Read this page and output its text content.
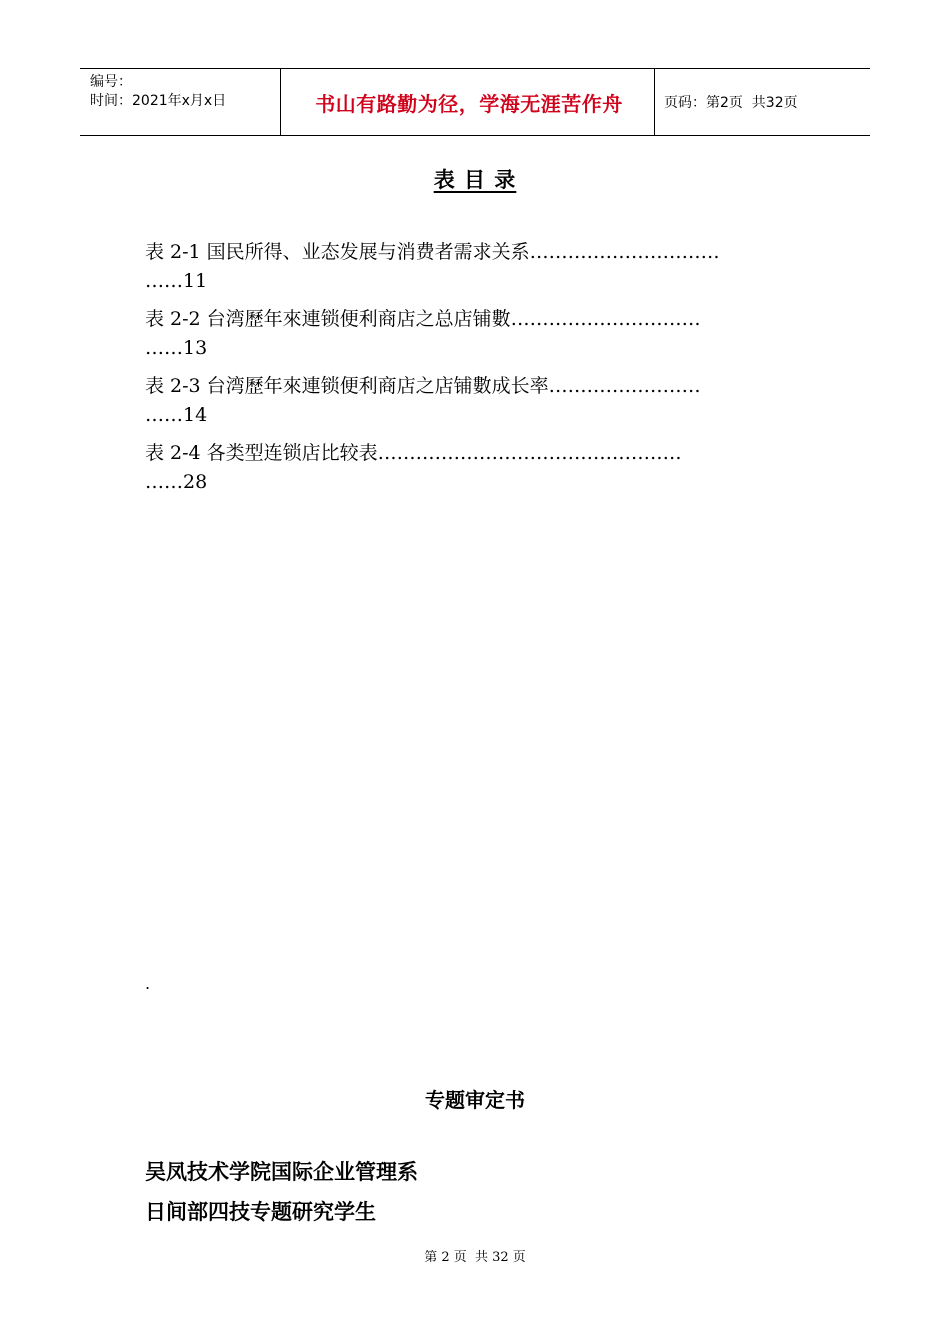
编号：
时间：2021年x月x日	书山有路勤为径，学海无涯苦作舟	页码：第2页  共32页
表 目 录
表 2-1 国民所得、业态发展与消费者需求关系…………………………
……11
表 2-2 台湾歷年來連锁便利商店之总店铺數…………………………
……13
表 2-3 台湾歷年來連锁便利商店之店铺數成长率……………………
……14
表 2-4 各类型连锁店比较表…………………………………………
……28
.
专题审定书
吴凤技术学院国际企业管理系
日间部四技专题研究学生
第 2 页  共 32 页
